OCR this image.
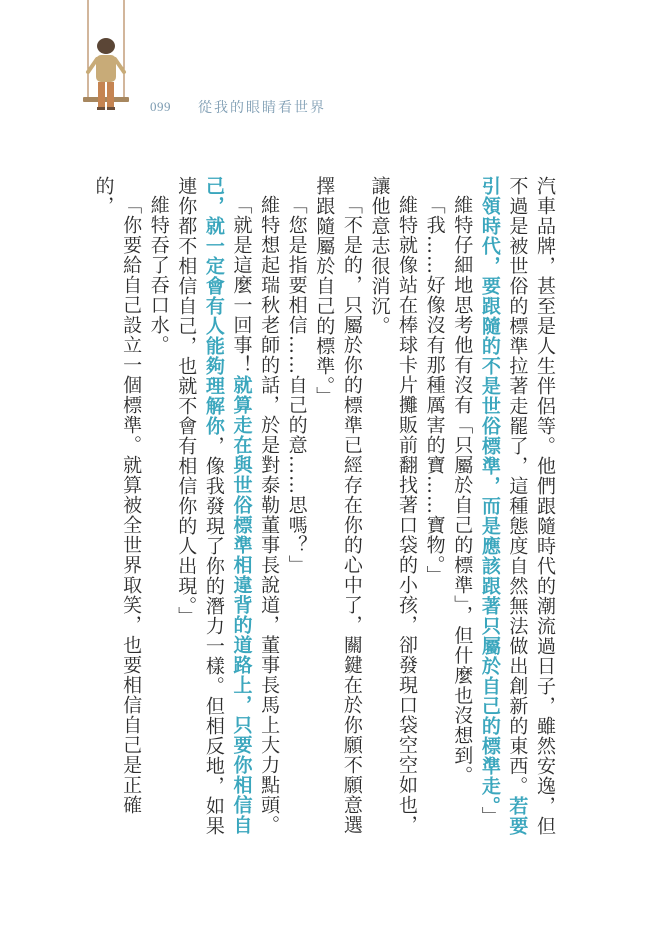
099 從我的眼睛看世界

汽車品牌，甚至是人生伴侶等。他們跟隨時代的潮流過日子，雖然安逸，但不過是被世俗的標準拉著走罷了，這種態度自然無法做出創新的東西。若要引領時代，要跟隨的不是世俗標準，而是應該跟著只屬於自己的標準走。」

維特仔細地思考他有沒有「只屬於自己的標準」，但什麼也沒想到。

「我……好像沒有那種厲害的寶……寶物。」

維特就像站在棒球卡片攤販前翻找著口袋的小孩，卻發現口袋空空如也，讓他意志很消沉。

「不是的，只屬於你的標準已經存在你的心中了，關鍵在於你願不願意選擇跟隨屬於自己的標準。」

「您是指要相信……自己的意……思嗎？」

維特想起瑞秋老師的話，於是對泰勒董事長說道，董事長馬上大力點頭。

「就是這麼一回事！就算走在與世俗標準相違背的道路上，只要你相信自己，就一定會有人能夠理解你，像我發現了你的潛力一樣。但相反地，如果連你都不相信自己，也就不會有相信你的人出現。」

維特吞了吞口水。

「你要給自己設立一個標準。就算被全世界取笑，也要相信自己是正確的，
